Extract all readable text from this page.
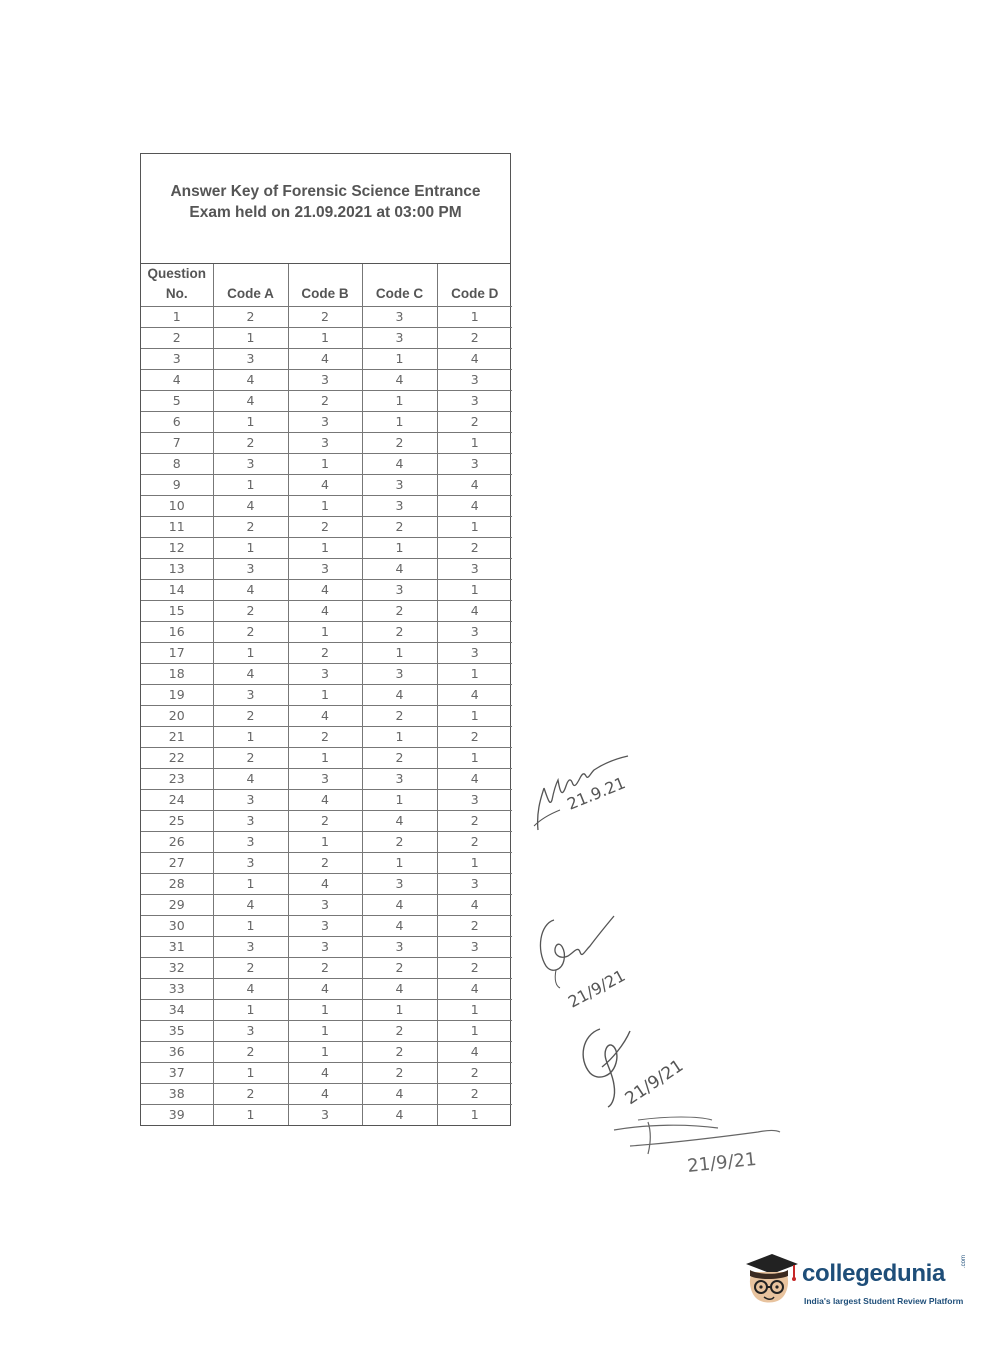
Answer Key of Forensic Science Entrance
Exam held on 21.09.2021 at 03:00 PM
Question
No.	Code A	Code B	Code C	Code D
1	2	2	3	1
2	1	1	3	2
3	3	4	1	4
4	4	3	4	3
5	4	2	1	3
6	1	3	1	2
7	2	3	2	1
8	3	1	4	3
9	1	4	3	4
10	4	1	3	4
11	2	2	2	1
12	1	1	1	2
13	3	3	4	3
14	4	4	3	1
15	2	4	2	4
16	2	1	2	3
17	1	2	1	3
18	4	3	3	1
19	3	1	4	4
20	2	4	2	1
21	1	2	1	2
22	2	1	2	1
23	4	3	3	4
24	3	4	1	3
25	3	2	4	2
26	3	1	2	2
27	3	2	1	1
28	1	4	3	3
29	4	3	4	4
30	1	3	4	2
31	3	3	3	3
32	2	2	2	2
33	4	4	4	4
34	1	1	1	1
35	3	1	2	1
36	2	1	2	4
37	1	4	2	2
38	2	4	4	2
39	1	3	4	1
21.9.21
21/9/21
21/9/21
21/9/21
collegedunia	.com
India's largest Student Review Platform
